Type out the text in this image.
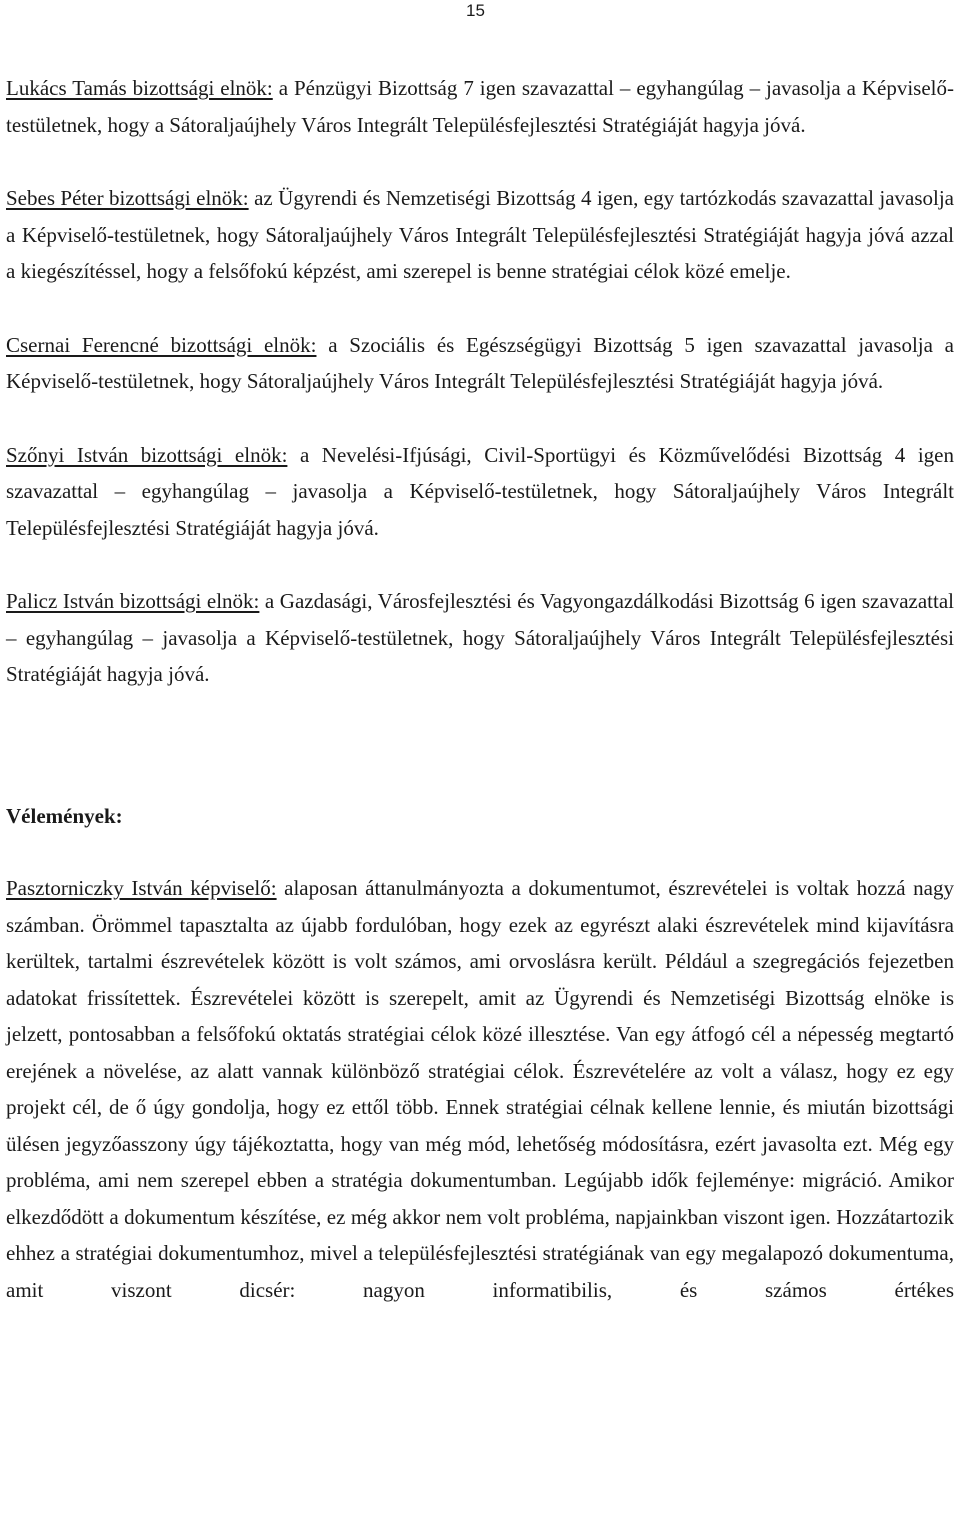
15

Lukács Tamás bizottsági elnök: a Pénzügyi Bizottság 7 igen szavazattal – egyhangúlag – javasolja a Képviselő-testületnek, hogy a Sátoraljaújhely Város Integrált Településfejlesztési Stratégiáját hagyja jóvá.

Sebes Péter bizottsági elnök: az Ügyrendi és Nemzetiségi Bizottság 4 igen, egy tartózkodás szavazattal javasolja a Képviselő-testületnek, hogy Sátoraljaújhely Város Integrált Településfejlesztési Stratégiáját hagyja jóvá azzal a kiegészítéssel, hogy a felsőfokú képzést, ami szerepel is benne stratégiai célok közé emelje.

Csernai Ferencné bizottsági elnök: a Szociális és Egészségügyi Bizottság 5 igen szavazattal javasolja a Képviselő-testületnek, hogy Sátoraljaújhely Város Integrált Településfejlesztési Stratégiáját hagyja jóvá.

Szőnyi István bizottsági elnök: a Nevelési-Ifjúsági, Civil-Sportügyi és Közművelődési Bizottság 4 igen szavazattal – egyhangúlag – javasolja a Képviselő-testületnek, hogy Sátoraljaújhely Város Integrált Településfejlesztési Stratégiáját hagyja jóvá.

Palicz István bizottsági elnök: a Gazdasági, Városfejlesztési és Vagyongazdálkodási Bizottság 6 igen szavazattal – egyhangúlag – javasolja a Képviselő-testületnek, hogy Sátoraljaújhely Város Integrált Településfejlesztési Stratégiáját hagyja jóvá.

Vélemények:

Pasztorniczky István képviselő: alaposan áttanulmányozta a dokumentumot, észrevételei is voltak hozzá nagy számban. Örömmel tapasztalta az újabb fordulóban, hogy ezek az egyrészt alaki észrevételek mind kijavításra kerültek, tartalmi észrevételek között is volt számos, ami orvoslásra került. Például a szegregációs fejezetben adatokat frissítettek. Észrevételei között is szerepelt, amit az Ügyrendi és Nemzetiségi Bizottság elnöke is jelzett, pontosabban a felsőfokú oktatás stratégiai célok közé illesztése. Van egy átfogó cél a népesség megtartó erejének a növelése, az alatt vannak különböző stratégiai célok. Észrevételére az volt a válasz, hogy ez egy projekt cél, de ő úgy gondolja, hogy ez ettől több. Ennek stratégiai célnak kellene lennie, és miután bizottsági ülésen jegyzőasszony úgy tájékoztatta, hogy van még mód, lehetőség módosításra, ezért javasolta ezt. Még egy probléma, ami nem szerepel ebben a stratégia dokumentumban. Legújabb idők fejleménye: migráció. Amikor elkezdődött a dokumentum készítése, ez még akkor nem volt probléma, napjainkban viszont igen. Hozzátartozik ehhez a stratégiai dokumentumhoz, mivel a településfejlesztési stratégiának van egy megalapozó dokumentuma, amit viszont dicsér: nagyon informatibilis, és számos értékes
